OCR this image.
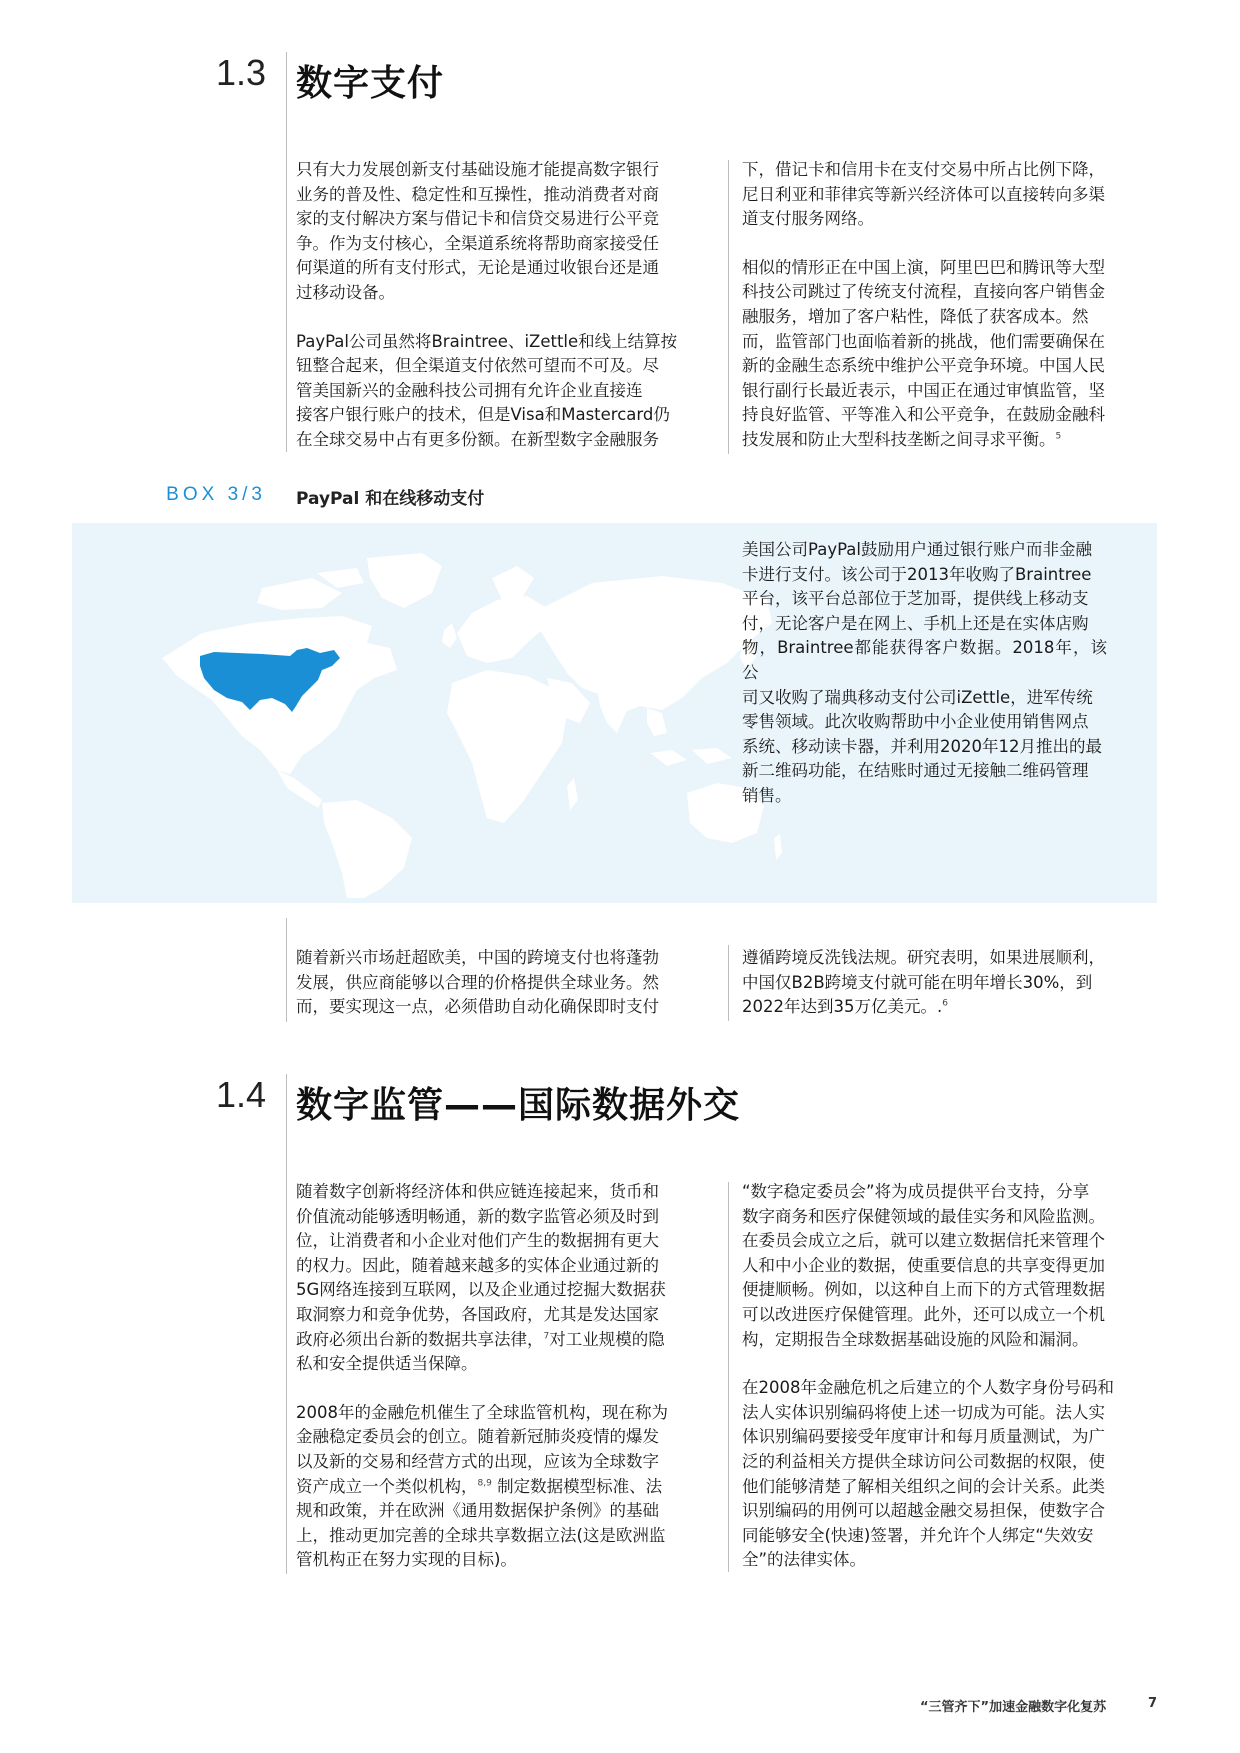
1.3 数字支付

只有大力发展创新支付基础设施才能提高数字银行
业务的普及性、稳定性和互操性，推动消费者对商
家的支付解决方案与借记卡和信贷交易进行公平竞
争。作为支付核心，全渠道系统将帮助商家接受任
何渠道的所有支付形式，无论是通过收银台还是通
过移动设备。

PayPal公司虽然将Braintree、iZettle和线上结算按
钮整合起来，但全渠道支付依然可望而不可及。尽
管美国新兴的金融科技公司拥有允许企业直接连
接客户银行账户的技术，但是Visa和Mastercard仍
在全球交易中占有更多份额。在新型数字金融服务

下，借记卡和信用卡在支付交易中所占比例下降，
尼日利亚和菲律宾等新兴经济体可以直接转向多渠
道支付服务网络。

相似的情形正在中国上演，阿里巴巴和腾讯等大型
科技公司跳过了传统支付流程，直接向客户销售金
融服务，增加了客户粘性，降低了获客成本。然
而，监管部门也面临着新的挑战，他们需要确保在
新的金融生态系统中维护公平竞争环境。中国人民
银行副行长最近表示，中国正在通过审慎监管，坚
持良好监管、平等准入和公平竞争，在鼓励金融科
技发展和防止大型科技垄断之间寻求平衡。$^5$

BOX 3/3 PayPal 和在线移动支付
美国公司PayPal鼓励用户通过银行账户而非金融
卡进行支付。该公司于2013年收购了Braintree
平台，该平台总部位于芝加哥，提供线上移动支
付，无论客户是在网上、手机上还是在实体店购
物，Braintree都能获得客户数据。2018年，该公
司又收购了瑞典移动支付公司iZettle，进军传统
零售领域。此次收购帮助中小企业使用销售网点
系统、移动读卡器，并利用2020年12月推出的最
新二维码功能，在结账时通过无接触二维码管理
销售。
随着新兴市场赶超欧美，中国的跨境支付也将蓬勃
发展，供应商能够以合理的价格提供全球业务。然
而，要实现这一点，必须借助自动化确保即时支付
遵循跨境反洗钱法规。研究表明，如果进展顺利，
中国仅B2B跨境支付就可能在明年增长30%，到
2022年达到35万亿美元。.$^6$
1.4 数字监管——国际数据外交

随着数字创新将经济体和供应链连接起来，货币和
价值流动能够透明畅通，新的数字监管必须及时到
位，让消费者和小企业对他们产生的数据拥有更大
的权力。因此，随着越来越多的实体企业通过新的
5G网络连接到互联网，以及企业通过挖掘大数据获
取洞察力和竞争优势，各国政府，尤其是发达国家
政府必须出台新的数据共享法律，$^7$对工业规模的隐
私和安全提供适当保障。

2008年的金融危机催生了全球监管机构，现在称为
金融稳定委员会的创立。随着新冠肺炎疫情的爆发
以及新的交易和经营方式的出现，应该为全球数字
资产成立一个类似机构，$^{8,9}$ 制定数据模型标准、法
规和政策，并在欧洲《通用数据保护条例》的基础
上，推动更加完善的全球共享数据立法(这是欧洲监
管机构正在努力实现的目标)。

“数字稳定委员会”将为成员提供平台支持，分享
数字商务和医疗保健领域的最佳实务和风险监测。
在委员会成立之后，就可以建立数据信托来管理个
人和中小企业的数据，使重要信息的共享变得更加
便捷顺畅。例如，以这种自上而下的方式管理数据
可以改进医疗保健管理。此外，还可以成立一个机
构，定期报告全球数据基础设施的风险和漏洞。

在2008年金融危机之后建立的个人数字身份号码和
法人实体识别编码将使上述一切成为可能。法人实
体识别编码要接受年度审计和每月质量测试，为广
泛的利益相关方提供全球访问公司数据的权限，使
他们能够清楚了解相关组织之间的会计关系。此类
识别编码的用例可以超越金融交易担保，使数字合
同能够安全(快速)签署，并允许个人绑定“失效安
全”的法律实体。

“三管齐下”加速金融数字化复苏	7
